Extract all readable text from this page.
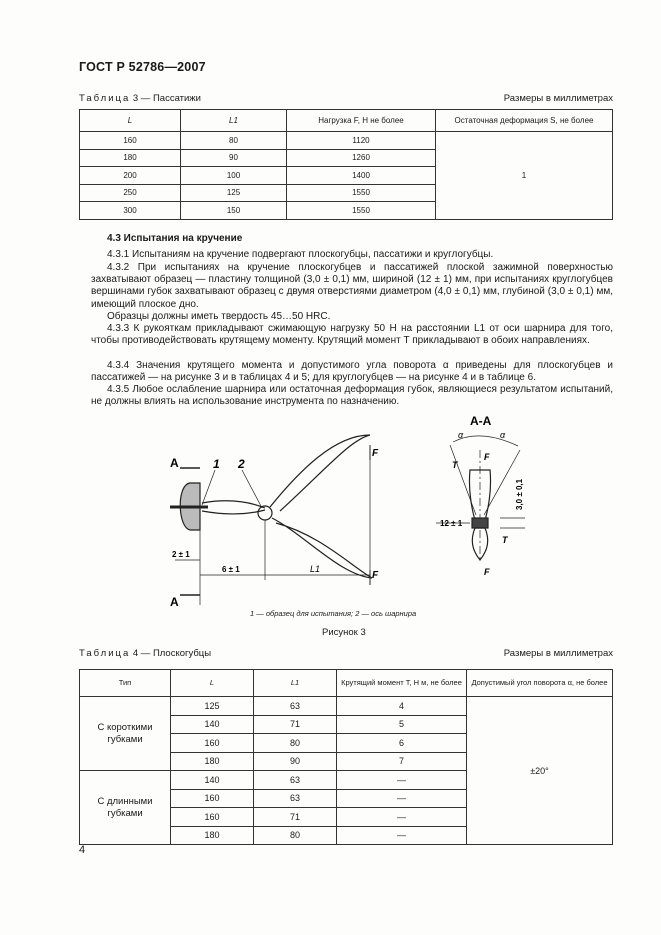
ГОСТ Р 52786—2007
Таблица 3 — Пассатижи	Размеры в миллиметрах
L	L1	Нагрузка F, Н не более	Остаточная деформация S, не более
160	80	1120	1
180	90	1260	
200	100	1400	
250	125	1550	
300	150	1550	
4.3 Испытания на кручение
4.3.1 Испытаниям на кручение подвергают плоскогубцы, пассатижи и круглогубцы.
4.3.2 При испытаниях на кручение плоскогубцев и пассатижей плоской зажимной поверхностью захватывают образец — пластину толщиной (3,0 ± 0,1) мм, шириной (12 ± 1) мм, при испытаниях круглогубцев вершинами губок захватывают образец с двумя отверстиями диаметром (4,0 ± 0,1) мм, глубиной (3,0 ± 0,1) мм, имеющий плоское дно.
Образцы должны иметь твердость 45…50 HRC.
4.3.3 К рукояткам прикладывают сжимающую нагрузку 50 Н на расстоянии L1 от оси шарнира для того, чтобы противодействовать крутящему моменту. Крутящий момент T прикладывают в обоих направлениях.
4.3.4 Значения крутящего момента и допустимого угла поворота α приведены для плоскогубцев и пассатижей — на рисунке 3 и в таблицах 4 и 5; для круглогубцев — на рисунке 4 и в таблице 6.
4.3.5 Любое ослабление шарнира или остаточная деформация губок, являющиеся результатом испытаний, не должны влиять на использование инструмента по назначению.
A
A
1 2
F
F
L1
2 ± 1
6 ± 1
А-А
α	α
T
T
F
F
12 ± 1
3,0 ± 0,1
1 — образец для испытания; 2 — ось шарнира
Рисунок 3
Таблица 4 — Плоскогубцы	Размеры в миллиметрах
Тип	L	L1	Крутящий момент T, Н м, не более	Допустимый угол поворота α, не более
С короткими губками	125	63	4	±20°
	140	71	5	
	160	80	6	
	180	90	7	
С длинными губками	140	63	—	
	160	63	—	
	160	71	—	
	180	80	—	
4
